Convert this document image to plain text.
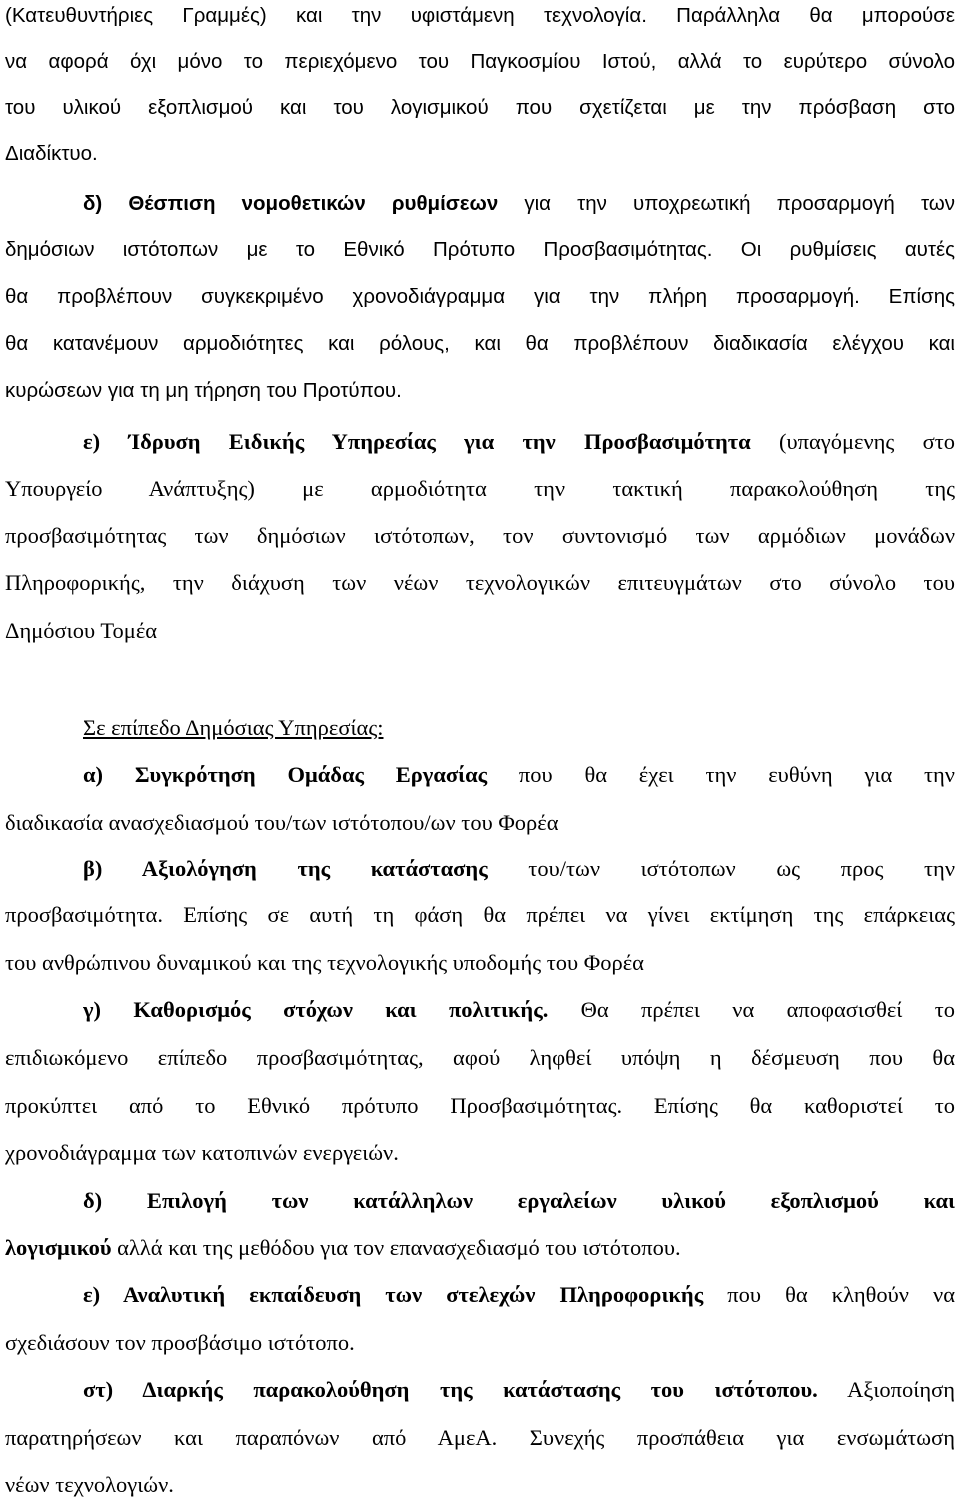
(Κατευθυντήριες Γραμμές) και την υφιστάμενη τεχνολογία. Παράλληλα θα μπορούσε
να αφορά όχι μόνο το περιεχόμενο του Παγκοσμίου Ιστού, αλλά το ευρύτερο σύνολο
του υλικού εξοπλισμού και του λογισμικού που σχετίζεται με την πρόσβαση στο
Διαδίκτυο.
δ) Θέσπιση νομοθετικών ρυθμίσεων για την υποχρεωτική προσαρμογή των
δημόσιων ιστότοπων με το Εθνικό Πρότυπο Προσβασιμότητας. Οι ρυθμίσεις αυτές
θα προβλέπουν συγκεκριμένο χρονοδιάγραμμα για την πλήρη προσαρμογή. Επίσης
θα κατανέμουν αρμοδιότητες και ρόλους, και θα προβλέπουν διαδικασία ελέγχου και
κυρώσεων για τη μη τήρηση του Προτύπου.
ε) Ίδρυση Ειδικής Υπηρεσίας για την Προσβασιμότητα (υπαγόμενης στο
Υπουργείο Ανάπτυξης) με αρμοδιότητα την τακτική παρακολούθηση της
προσβασιμότητας των δημόσιων ιστότοπων, τον συντονισμό των αρμόδιων μονάδων
Πληροφορικής, την διάχυση των νέων τεχνολογικών επιτευγμάτων στο σύνολο του
Δημόσιου Τομέα
Σε επίπεδο Δημόσιας Υπηρεσίας:
α) Συγκρότηση Ομάδας Εργασίας που θα έχει την ευθύνη για την
διαδικασία ανασχεδιασμού του/των ιστότοπου/ων του Φορέα
β) Αξιολόγηση της κατάστασης του/των ιστότοπων ως προς την
προσβασιμότητα. Επίσης σε αυτή τη φάση θα πρέπει να γίνει εκτίμηση της επάρκειας
του ανθρώπινου δυναμικού και της τεχνολογικής υποδομής του Φορέα
γ) Καθορισμός στόχων και πολιτικής. Θα πρέπει να αποφασισθεί το
επιδιωκόμενο επίπεδο προσβασιμότητας, αφού ληφθεί υπόψη η δέσμευση που θα
προκύπτει από το Εθνικό πρότυπο Προσβασιμότητας. Επίσης θα καθοριστεί το
χρονοδιάγραμμα των κατοπινών ενεργειών.
δ) Επιλογή των κατάλληλων εργαλείων υλικού εξοπλισμού και
λογισμικού αλλά και της μεθόδου για τον επανασχεδιασμό του ιστότοπου.
ε) Αναλυτική εκπαίδευση των στελεχών Πληροφορικής που θα κληθούν να
σχεδιάσουν τον προσβάσιμο ιστότοπο.
στ) Διαρκής παρακολούθηση της κατάστασης του ιστότοπου. Αξιοποίηση
παρατηρήσεων και παραπόνων από ΑμεΑ. Συνεχής προσπάθεια για ενσωμάτωση
νέων τεχνολογιών.
